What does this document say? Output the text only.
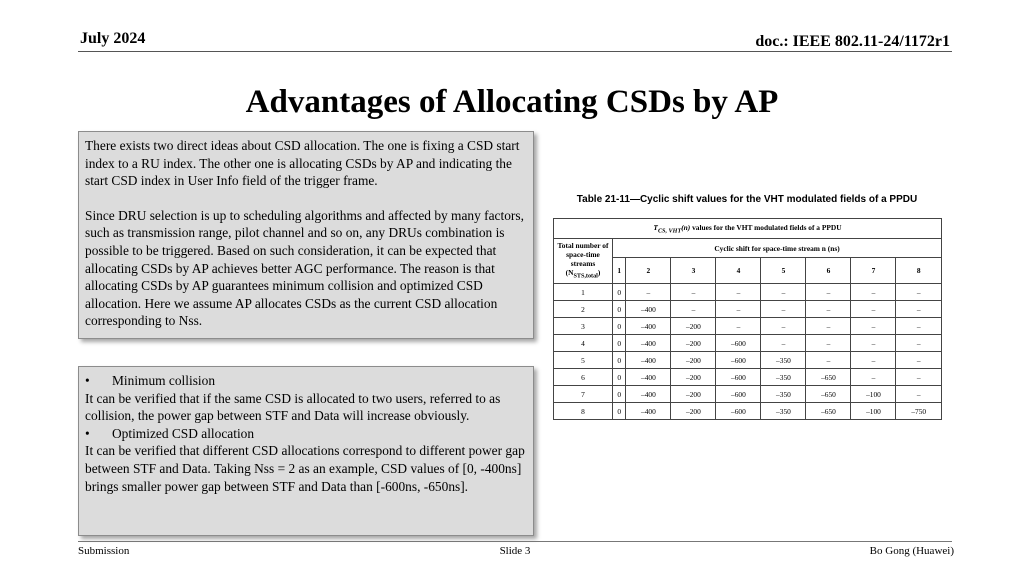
July 2024	doc.: IEEE 802.11-24/1172r1
Advantages of Allocating CSDs by AP

There exists two direct ideas about CSD allocation. The one is fixing a CSD start index to a RU index. The other one is allocating CSDs by AP and indicating the start CSD index in User Info field of the trigger frame.

Since DRU selection is up to scheduling algorithms and affected by many factors, such as transmission range, pilot channel and so on, any DRUs combination is possible to be triggered. Based on such consideration, it can be expected that allocating CSDs by AP achieves better AGC performance. The reason is that allocating CSDs by AP guarantees minimum collision and optimized CSD allocation. Here we assume AP allocates CSDs as the current CSD allocation corresponding to Nss.

•	Minimum collision

It can be verified that if the same CSD is allocated to two users, referred to as collision, the power gap between STF and Data will increase obviously.

•	Optimized CSD allocation

It can be verified that different CSD allocations correspond to different power gap between STF and Data. Taking Nss = 2 as an example, CSD values of [0, -400ns] brings smaller power gap between STF and Data than [-600ns, -650ns].

Table 21-11—Cyclic shift values for the VHT modulated fields of a PPDU
$T_{CS, VHT}(n)$ values for the VHT modulated fields of a PPDU								
Total number of space-time streams
$(N_{STS,total})$	Cyclic shift for space-time stream n (ns)							
	1	2	3	4	5	6	7	8
1	0	–	–	–	–	–	–	–
2	0	–400	–	–	–	–	–	–
3	0	–400	–200	–	–	–	–	–
4	0	–400	–200	–600	–	–	–	–
5	0	–400	–200	–600	–350	–	–	–
6	0	–400	–200	–600	–350	–650	–	–
7	0	–400	–200	–600	–350	–650	–100	–
8	0	–400	–200	–600	–350	–650	–100	–750
Submission	Slide 3	Bo Gong (Huawei)
